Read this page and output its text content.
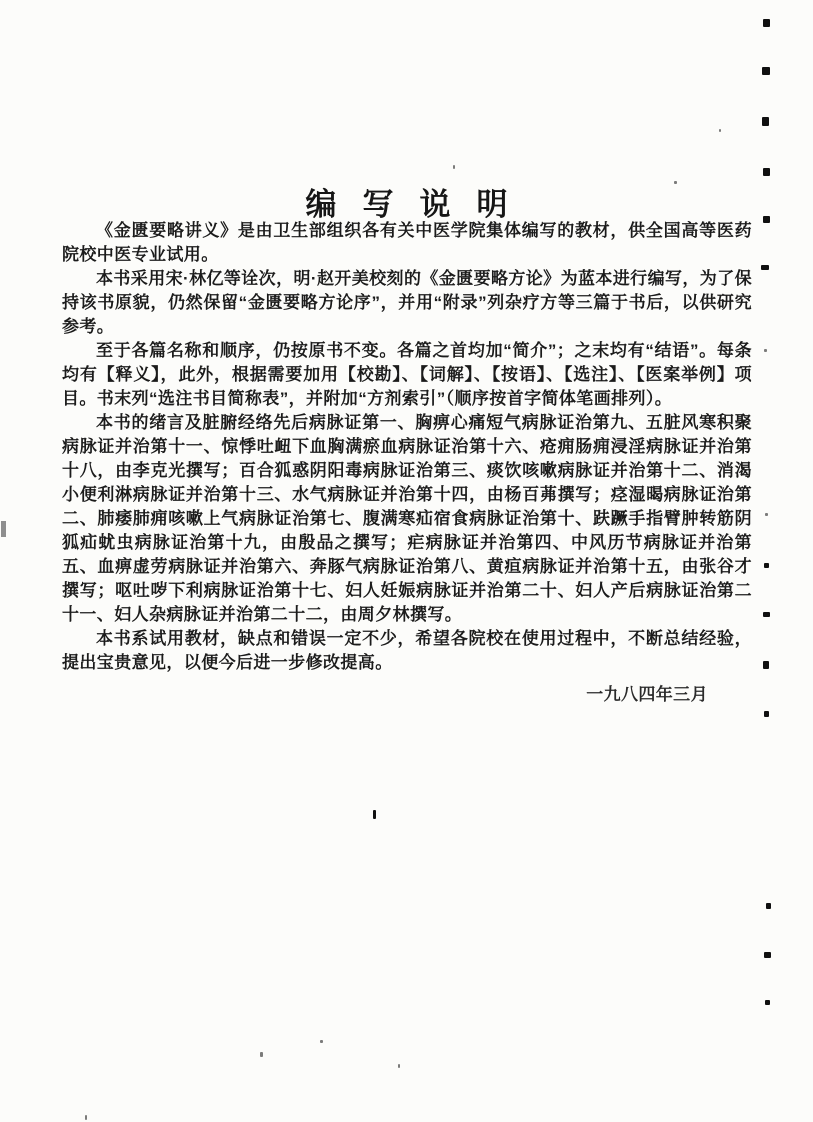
编写说明

《金匮要略讲义》是由卫生部组织各有关中医学院集体编写的教材，供全国高等医药院校中医专业试用。

本书采用宋·林亿等诠次，明·赵开美校刻的《金匮要略方论》为蓝本进行编写，为了保持该书原貌，仍然保留“金匮要略方论序”，并用“附录”列杂疗方等三篇于书后，以供研究参考。

至于各篇名称和顺序，仍按原书不变。各篇之首均加“简介”；之末均有“结语”。每条均有【释义】，此外，根据需要加用【校勘】、【词解】、【按语】、【选注】、【医案举例】项目。书末列“选注书目简称表”，并附加“方剂索引”（顺序按首字简体笔画排列）。

本书的绪言及脏腑经络先后病脉证第一、胸痹心痛短气病脉证治第九、五脏风寒积聚病脉证并治第十一、惊悸吐衄下血胸满瘀血病脉证治第十六、疮痈肠痈浸淫病脉证并治第十八，由李克光撰写；百合狐惑阴阳毒病脉证治第三、痰饮咳嗽病脉证并治第十二、消渴小便利淋病脉证并治第十三、水气病脉证并治第十四，由杨百茀撰写；痉湿暍病脉证治第二、肺痿肺痈咳嗽上气病脉证治第七、腹满寒疝宿食病脉证治第十、趺蹶手指臂肿转筋阴狐疝蚘虫病脉证治第十九，由殷品之撰写；疟病脉证并治第四、中风历节病脉证并治第五、血痹虚劳病脉证并治第六、奔豚气病脉证治第八、黄疸病脉证并治第十五，由张谷才撰写；呕吐哕下利病脉证治第十七、妇人妊娠病脉证并治第二十、妇人产后病脉证治第二十一、妇人杂病脉证并治第二十二，由周夕林撰写。

本书系试用教材，缺点和错误一定不少，希望各院校在使用过程中，不断总结经验，提出宝贵意见，以便今后进一步修改提高。

一九八四年三月
